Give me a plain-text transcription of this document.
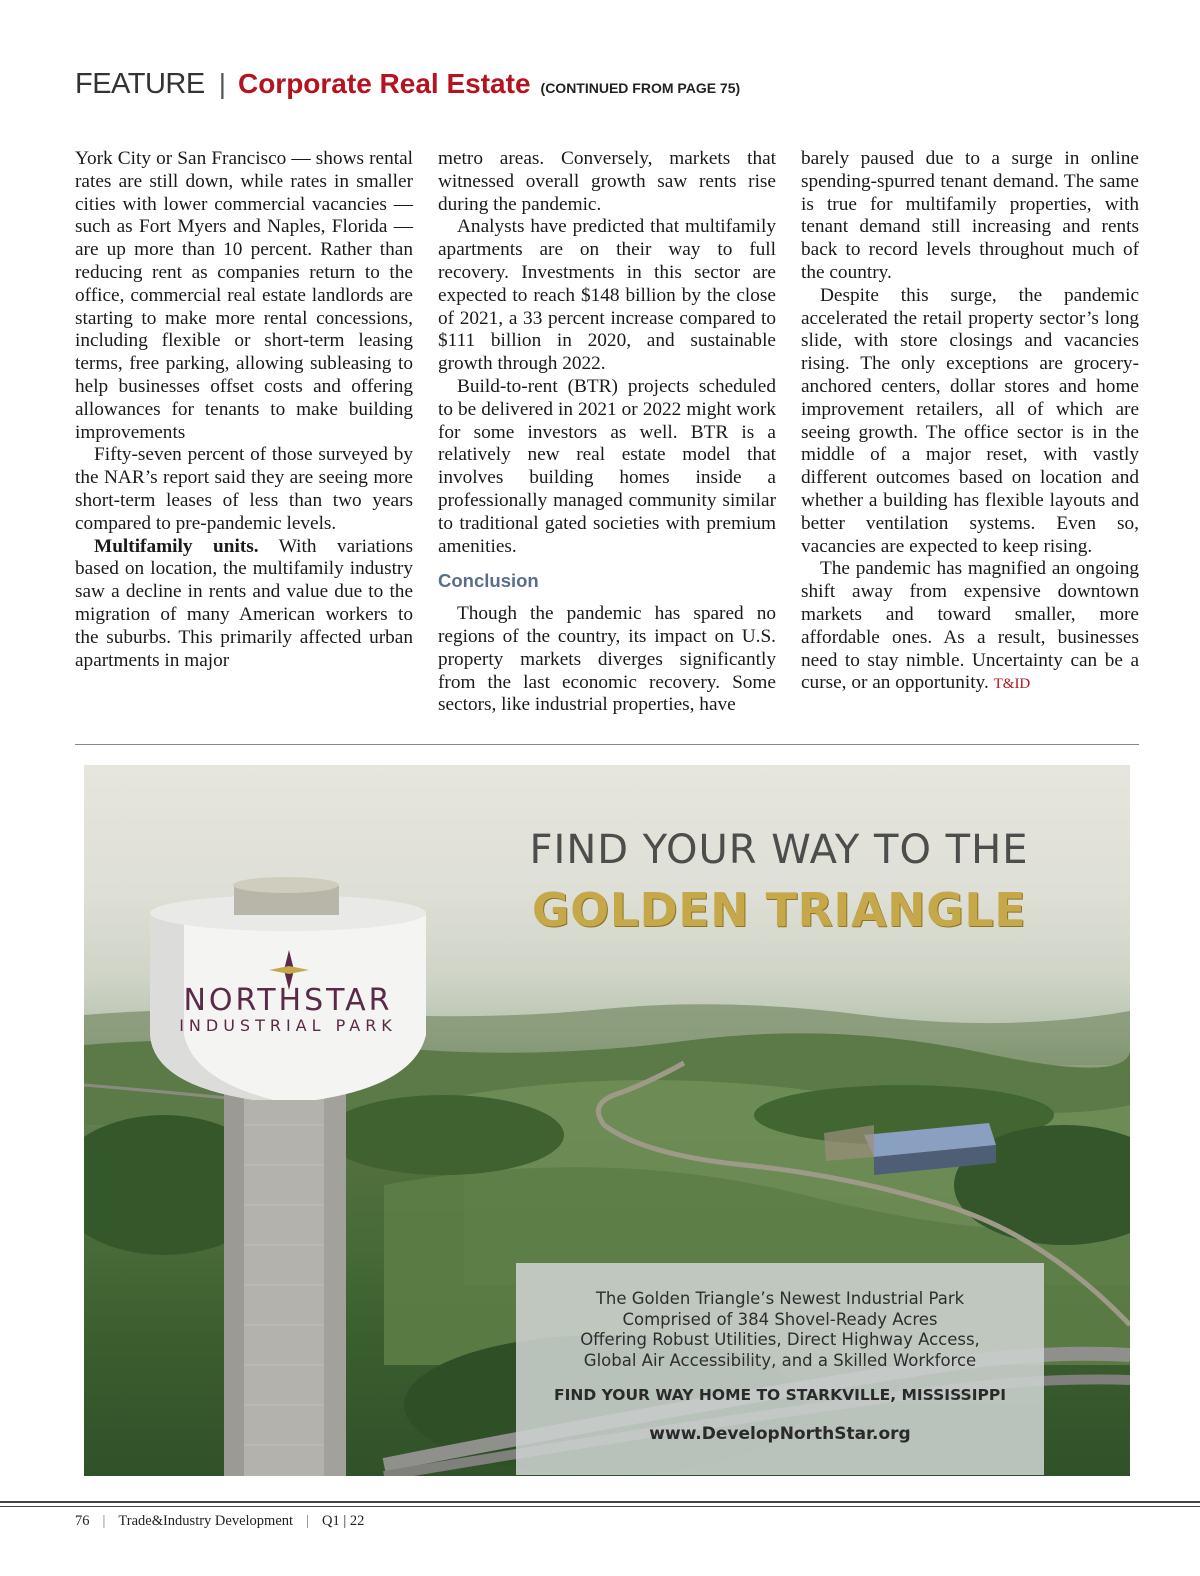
FEATURE | Corporate Real Estate (CONTINUED FROM PAGE 75)

York City or San Francisco — shows rental rates are still down, while rates in smaller cities with lower commercial vacancies — such as Fort Myers and Naples, Florida — are up more than 10 percent. Rather than reducing rent as companies return to the office, commercial real estate landlords are starting to make more rental concessions, including flexible or short-term leasing terms, free parking, allowing subleasing to help businesses offset costs and offering allowances for tenants to make building improvements

Fifty-seven percent of those surveyed by the NAR’s report said they are seeing more short-term leases of less than two years compared to pre-pandemic levels.

Multifamily units. With variations based on location, the multifamily industry saw a decline in rents and value due to the migration of many American workers to the suburbs. This primarily affected urban apartments in major

metro areas. Conversely, markets that witnessed overall growth saw rents rise during the pandemic.

Analysts have predicted that multifamily apartments are on their way to full recovery. Investments in this sector are expected to reach $148 billion by the close of 2021, a 33 percent increase compared to $111 billion in 2020, and sustainable growth through 2022.

Build-to-rent (BTR) projects scheduled to be delivered in 2021 or 2022 might work for some investors as well. BTR is a relatively new real estate model that involves building homes inside a professionally managed community similar to traditional gated societies with premium amenities.

Conclusion

Though the pandemic has spared no regions of the country, its impact on U.S. property markets diverges significantly from the last economic recovery. Some sectors, like industrial properties, have

barely paused due to a surge in online spending-spurred tenant demand. The same is true for multifamily properties, with tenant demand still increasing and rents back to record levels throughout much of the country.

Despite this surge, the pandemic accelerated the retail property sector’s long slide, with store closings and vacancies rising. The only exceptions are grocery-anchored centers, dollar stores and home improvement retailers, all of which are seeing growth. The office sector is in the middle of a major reset, with vastly different outcomes based on location and whether a building has flexible layouts and better ventilation systems. Even so, vacancies are expected to keep rising.

The pandemic has magnified an ongoing shift away from expensive downtown markets and toward smaller, more affordable ones. As a result, businesses need to stay nimble. Uncertainty can be a curse, or an opportunity. T&ID

FIND YOUR WAY TO THE
GOLDEN TRIANGLE
NORTHSTAR
INDUSTRIAL PARK
The Golden Triangle’s Newest Industrial Park
Comprised of 384 Shovel-Ready Acres
Offering Robust Utilities, Direct Highway Access,
Global Air Accessibility, and a Skilled Workforce
FIND YOUR WAY HOME TO STARKVILLE, MISSISSIPPI
www.DevelopNorthStar.org
76 | Trade&Industry Development | Q1 | 22
